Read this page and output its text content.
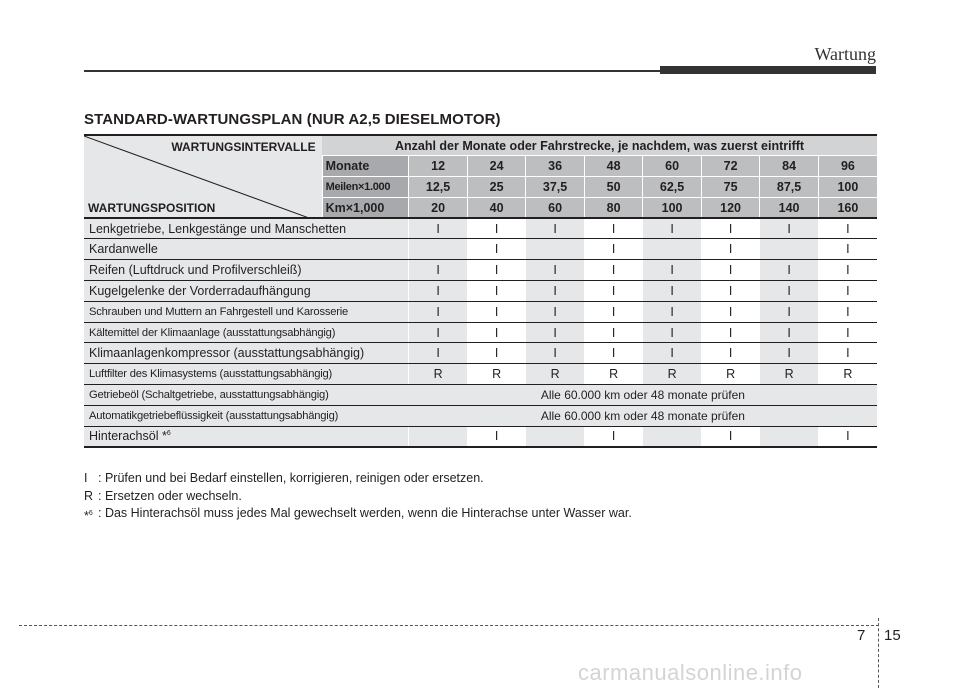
Wartung
STANDARD-WARTUNGSPLAN (NUR A2,5 DIESELMOTOR)
WARTUNGSINTERVALLE
WARTUNGSPOSITION	Anzahl der Monate oder Fahrstrecke, je nachdem, was zuerst eintrifft								
	Monate	12	24	36	48	60	72	84	96
	Meilen×1.000	12,5	25	37,5	50	62,5	75	87,5	100
	Km×1,000	20	40	60	80	100	120	140	160
Lenkgetriebe, Lenkgestänge und Manschetten		I	I	I	I	I	I	I	I
Kardanwelle			I		I		I		I
Reifen (Luftdruck und Profilverschleiß)		I	I	I	I	I	I	I	I
Kugelgelenke der Vorderradaufhängung		I	I	I	I	I	I	I	I
Schrauben und Muttern an Fahrgestell und Karosserie		I	I	I	I	I	I	I	I
Kältemittel der Klimaanlage (ausstattungsabhängig)		I	I	I	I	I	I	I	I
Klimaanlagenkompressor (ausstattungsabhängig)		I	I	I	I	I	I	I	I
Luftfilter des Klimasystems (ausstattungsabhängig)		R	R	R	R	R	R	R	R
Getriebeöl (Schaltgetriebe, ausstattungsabhängig)		Alle 60.000 km oder 48 monate prüfen							
Automatikgetriebeflüssigkeit (ausstattungsabhängig)		Alle 60.000 km oder 48 monate prüfen							
Hinterachsöl *$^6$			I		I		I		I
I : Prüfen und bei Bedarf einstellen, korrigieren, reinigen oder ersetzen.
R : Ersetzen oder wechseln.
*$^6$ : Das Hinterachsöl muss jedes Mal gewechselt werden, wenn die Hinterachse unter Wasser war.
7 15
carmanualsonline.info
